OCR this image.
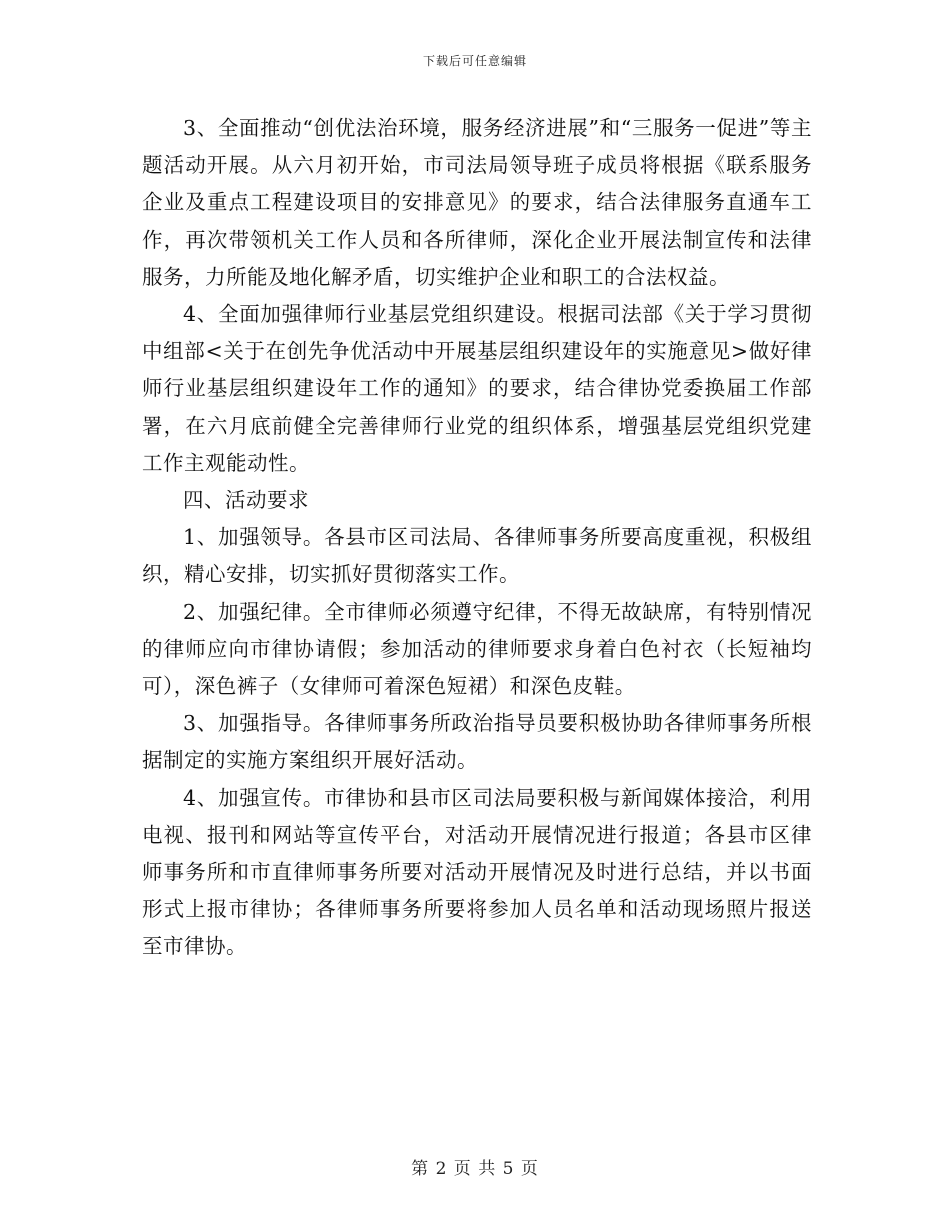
下载后可任意编辑

3、全面推动“创优法治环境，服务经济进展”和“三服务一促进”等主题活动开展。从六月初开始，市司法局领导班子成员将根据《联系服务企业及重点工程建设项目的安排意见》的要求，结合法律服务直通车工作，再次带领机关工作人员和各所律师，深化企业开展法制宣传和法律服务，力所能及地化解矛盾，切实维护企业和职工的合法权益。

4、全面加强律师行业基层党组织建设。根据司法部《关于学习贯彻中组部<关于在创先争优活动中开展基层组织建设年的实施意见>做好律师行业基层组织建设年工作的通知》的要求，结合律协党委换届工作部署，在六月底前健全完善律师行业党的组织体系，增强基层党组织党建工作主观能动性。

四、活动要求

1、加强领导。各县市区司法局、各律师事务所要高度重视，积极组织，精心安排，切实抓好贯彻落实工作。

2、加强纪律。全市律师必须遵守纪律，不得无故缺席，有特别情况的律师应向市律协请假；参加活动的律师要求身着白色衬衣（长短袖均可），深色裤子（女律师可着深色短裙）和深色皮鞋。

3、加强指导。各律师事务所政治指导员要积极协助各律师事务所根据制定的实施方案组织开展好活动。

4、加强宣传。市律协和县市区司法局要积极与新闻媒体接洽，利用电视、报刊和网站等宣传平台，对活动开展情况进行报道；各县市区律师事务所和市直律师事务所要对活动开展情况及时进行总结，并以书面形式上报市律协；各律师事务所要将参加人员名单和活动现场照片报送至市律协。

第 2 页 共 5 页
